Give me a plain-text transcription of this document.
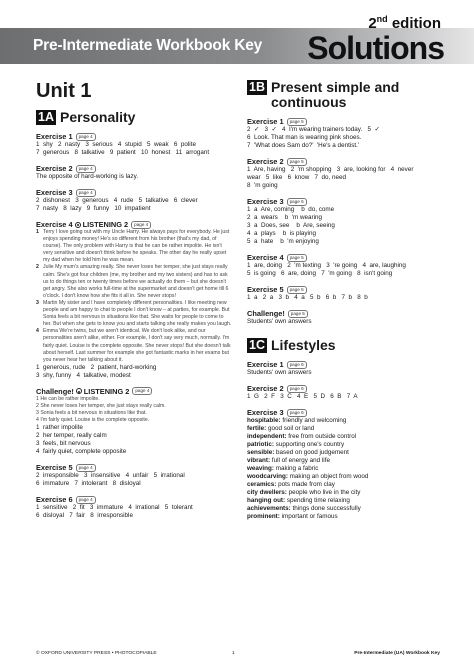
Pre-Intermediate Workbook Key
2nd edition
Solutions
Unit 1
1A Personality
Exercise 1	page 4
1  shy   2  nasty   3  serious   4  stupid   5  weak   6  polite
7  generous   8  talkative   9  patient   10  honest   11  arrogant
Exercise 2	page 4
The opposite of hard-working is lazy.
Exercise 3	page 4
2  dishonest   3  generous   4  rude   5  talkative   6  clever
7  nasty   8  lazy   9  funny   10  impatient
Exercise 4 LISTENING 2	page 4
1 Terry I love going out with my Uncle Harry. He always pays for everybody. He just enjoys spending money! He's so different from his brother (that's my dad, of course). The only problem with Harry is that he can be rather impolite. He isn't very sensitive and doesn't think before he speaks. The other day he really upset my dad when he told him he was mean.
2 Julie My mum's amazing really. She never loses her temper, she just stays really calm. She's got four children (me, my brother and my two sisters) and has to ask us to do things ten or twenty times before we actually do them – but she doesn't get angry. She also works full-time at the supermarket and doesn't get home till 6 o'clock. I don't know how she fits it all in. She never stops!
3 Martin My sister and I have completely different personalities. I like meeting new people and am happy to chat to people I don't know – at parties, for example. But Sonia feels a bit nervous in situations like that. She waits for people to come to her. But when she gets to know you and starts talking she really makes you laugh.
4 Emma We're twins, but we aren't identical. We don't look alike, and our personalities aren't alike, either. For example, I don't say very much, normally. I'm fairly quiet. Louise is the complete opposite. She never stops! But she doesn't talk about herself. Last summer for example she got fantastic marks in her exams but you never hear her talking about it.
1  generous, rude   2  patient, hard-working
3  shy, funny   4  talkative, modest
Challenge! LISTENING 2	page 4
1 He can be rather impolite.
2 She never loses her temper, she just stays really calm.
3 Sonia feels a bit nervous in situations like that.
4 I'm fairly quiet. Louise is the complete opposite.
1  rather impolite
2  her temper, really calm
3  feels, bit nervous
4  fairly quiet, complete opposite
Exercise 5	page 4
2  irresponsible   3  insensitive   4  unfair   5  irrational
6  immature   7  intolerant   8  disloyal
Exercise 6	page 4
1  sensitive   2  fit   3  immature   4  irrational   5  tolerant
6  disloyal   7  fair   8  irresponsible
1B Present simple and
continuous
Exercise 1	page 5
2  ✓   3  ✓   4  I'm wearing trainers today.   5  ✓
6  Look. That man is wearing pink shoes.
7  'What does Sam do?'  'He's a dentist.'
Exercise 2	page 5
1  Are, having   2  'm shopping   3  are, looking for   4  never
wear   5  like   6  know   7  do, need
8  'm going
Exercise 3	page 5
1  a  Are, coming    b  do, come
2  a  wears    b  'm wearing
3  a  Does, see    b  Are, seeing
4  a  plays    b  is playing
5  a  hate    b  'm enjoying
Exercise 4	page 5
1  are, doing   2  'm texting   3  're going   4  are, laughing
5  is going   6  are, doing   7  'm going   8  isn't going
Exercise 5	page 5
1  a   2  a   3  b   4  a   5  b   6  b   7  b   8  b
Challenge!	page 5
Students' own answers
1C Lifestyles
Exercise 1	page 6
Students' own answers
Exercise 2	page 6
1  G   2  F   3  C   4  E   5  D   6  B   7  A
Exercise 3	page 6
hospitable: friendly and welcoming
fertile: good soil or land
independent: free from outside control
patriotic: supporting one's country
sensible: based on good judgement
vibrant: full of energy and life
weaving: making a fabric
woodcarving: making an object from wood
ceramics: pots made from clay
city dwellers: people who live in the city
hanging out: spending time relaxing
achievements: things done successfully
prominent: important or famous
© OXFORD UNIVERSITY PRESS • PHOTOCOPIABLE	1	Pre-Intermediate (UA) Workbook Key
